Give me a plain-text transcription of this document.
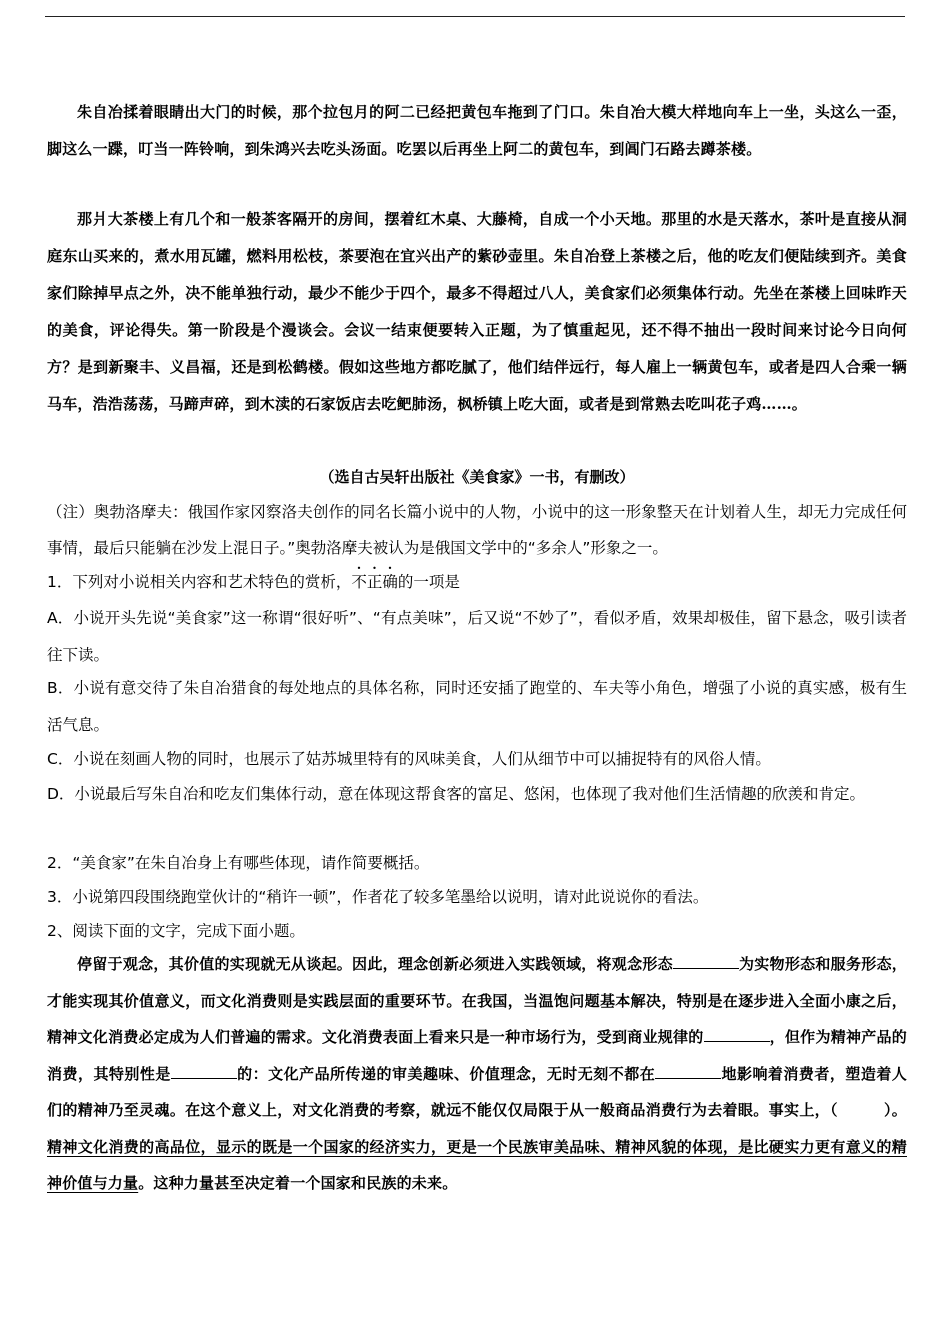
朱自冶揉着眼睛出大门的时候，那个拉包月的阿二已经把黄包车拖到了门口。朱自冶大模大样地向车上一坐，头这么一歪，脚这么一蹀，叮当一阵铃响，到朱鸿兴去吃头汤面。吃罢以后再坐上阿二的黄包车，到阊门石路去蹲茶楼。

那爿大茶楼上有几个和一般茶客隔开的房间，摆着红木桌、大藤椅，自成一个小天地。那里的水是天落水，茶叶是直接从洞庭东山买来的，煮水用瓦罐，燃料用松枝，茶要泡在宜兴出产的紫砂壶里。朱自冶登上茶楼之后，他的吃友们便陆续到齐。美食家们除掉早点之外，决不能单独行动，最少不能少于四个，最多不得超过八人，美食家们必须集体行动。先坐在茶楼上回味昨天的美食，评论得失。第一阶段是个漫谈会。会议一结束便要转入正题，为了慎重起见，还不得不抽出一段时间来讨论今日向何方？是到新聚丰、义昌福，还是到松鹤楼。假如这些地方都吃腻了，他们结伴远行，每人雇上一辆黄包车，或者是四人合乘一辆马车，浩浩荡荡，马蹄声碎，到木渎的石家饭店去吃鲃肺汤，枫桥镇上吃大面，或者是到常熟去吃叫花子鸡……。

（选自古吴轩出版社《美食家》一书，有删改）

（注）奥勃洛摩夫：俄国作家冈察洛夫创作的同名长篇小说中的人物，小说中的这一形象整天在计划着人生，却无力完成任何事情，最后只能躺在沙发上混日子。”奥勃洛摩夫被认为是俄国文学中的“多余人”形象之一。

1．下列对小说相关内容和艺术特色的赏析，不正确的一项是

A．小说开头先说“美食家”这一称谓“很好听”、“有点美味”，后又说“不妙了”，看似矛盾，效果却极佳，留下悬念，吸引读者往下读。

B．小说有意交待了朱自冶猎食的每处地点的具体名称，同时还安插了跑堂的、车夫等小角色，增强了小说的真实感，极有生活气息。

C．小说在刻画人物的同时，也展示了姑苏城里特有的风味美食，人们从细节中可以捕捉特有的风俗人情。

D．小说最后写朱自冶和吃友们集体行动，意在体现这帮食客的富足、悠闲，也体现了我对他们生活情趣的欣羡和肯定。

2．“美食家”在朱自冶身上有哪些体现，请作简要概括。

3．小说第四段围绕跑堂伙计的“稍许一顿”，作者花了较多笔墨给以说明，请对此说说你的看法。

2、阅读下面的文字，完成下面小题。

停留于观念，其价值的实现就无从谈起。因此，理念创新必须进入实践领域，将观念形态	为实物形态和服务形态，才能实现其价值意义，而文化消费则是实践层面的重要环节。在我国，当温饱问题基本解决，特别是在逐步进入全面小康之后，精神文化消费必定成为人们普遍的需求。文化消费表面上看来只是一种市场行为，受到商业规律的	，但作为精神产品的消费，其特别性是	的：文化产品所传递的审美趣味、价值理念，无时无刻不都在	地影响着消费者，塑造着人们的精神乃至灵魂。在这个意义上，对文化消费的考察，就远不能仅仅局限于从一般商品消费行为去着眼。事实上，（　　　）。精神文化消费的高品位，显示的既是一个国家的经济实力，更是一个民族审美品味、精神风貌的体现，是比硬实力更有意义的精神价值与力量。这种力量甚至决定着一个国家和民族的未来。
